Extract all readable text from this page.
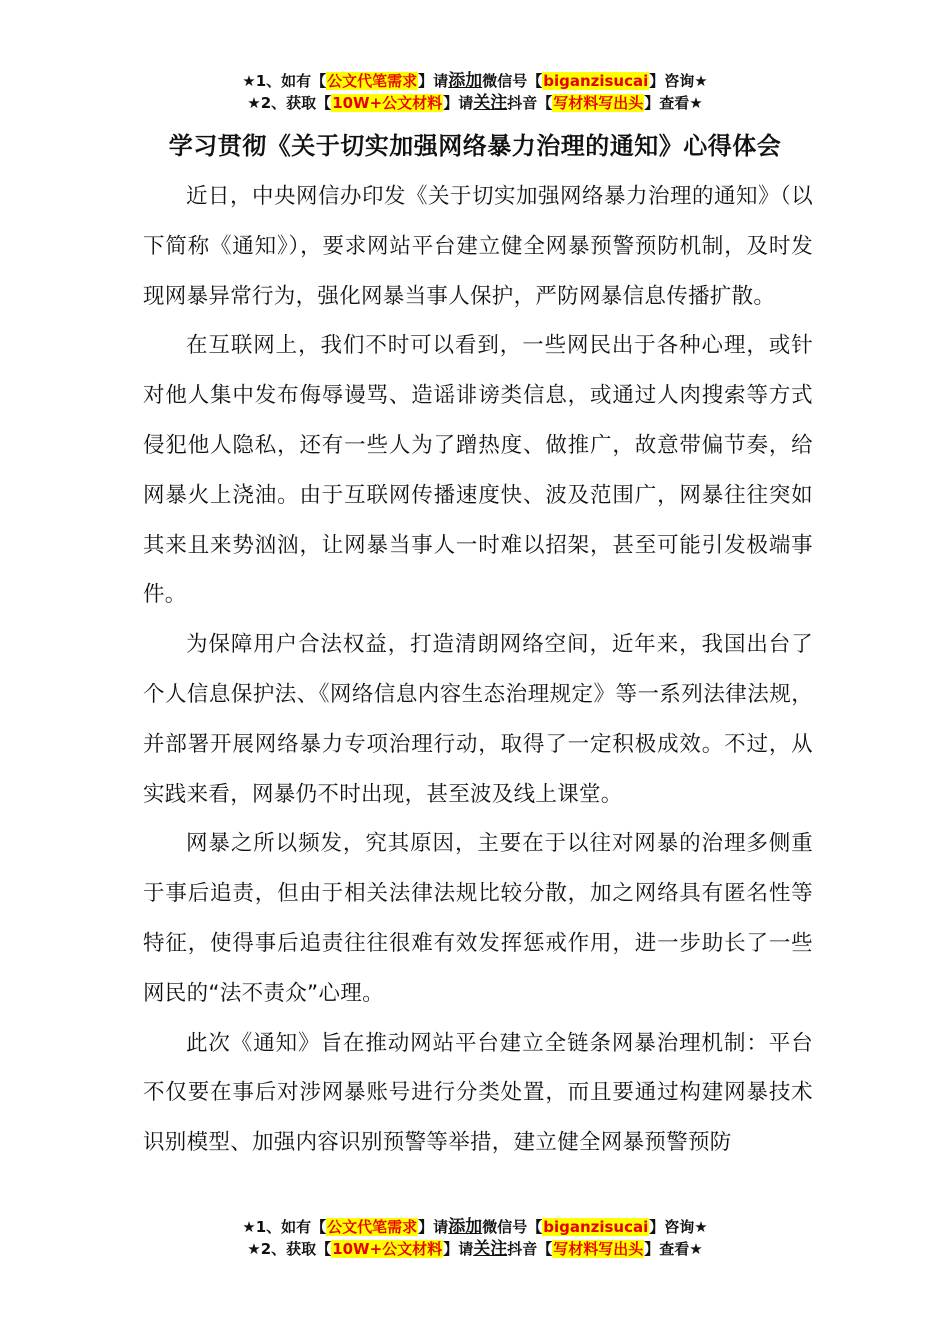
★1、如有【公文代笔需求】请添加微信号【biganzisucai】咨询★
★2、获取【10W+公文材料】请关注抖音【写材料写出头】查看★
学习贯彻《关于切实加强网络暴力治理的通知》心得体会

近日，中央网信办印发《关于切实加强网络暴力治理的通知》（以下简称《通知》），要求网站平台建立健全网暴预警预防机制，及时发现网暴异常行为，强化网暴当事人保护，严防网暴信息传播扩散。

在互联网上，我们不时可以看到，一些网民出于各种心理，或针对他人集中发布侮辱谩骂、造谣诽谤类信息，或通过人肉搜索等方式侵犯他人隐私，还有一些人为了蹭热度、做推广，故意带偏节奏，给网暴火上浇油。由于互联网传播速度快、波及范围广，网暴往往突如其来且来势汹汹，让网暴当事人一时难以招架，甚至可能引发极端事件。

为保障用户合法权益，打造清朗网络空间，近年来，我国出台了个人信息保护法、《网络信息内容生态治理规定》等一系列法律法规，并部署开展网络暴力专项治理行动，取得了一定积极成效。不过，从实践来看，网暴仍不时出现，甚至波及线上课堂。

网暴之所以频发，究其原因，主要在于以往对网暴的治理多侧重于事后追责，但由于相关法律法规比较分散，加之网络具有匿名性等特征，使得事后追责往往很难有效发挥惩戒作用，进一步助长了一些网民的“法不责众”心理。

此次《通知》旨在推动网站平台建立全链条网暴治理机制：平台不仅要在事后对涉网暴账号进行分类处置，而且要通过构建网暴技术识别模型、加强内容识别预警等举措，建立健全网暴预警预防

★1、如有【公文代笔需求】请添加微信号【biganzisucai】咨询★
★2、获取【10W+公文材料】请关注抖音【写材料写出头】查看★
